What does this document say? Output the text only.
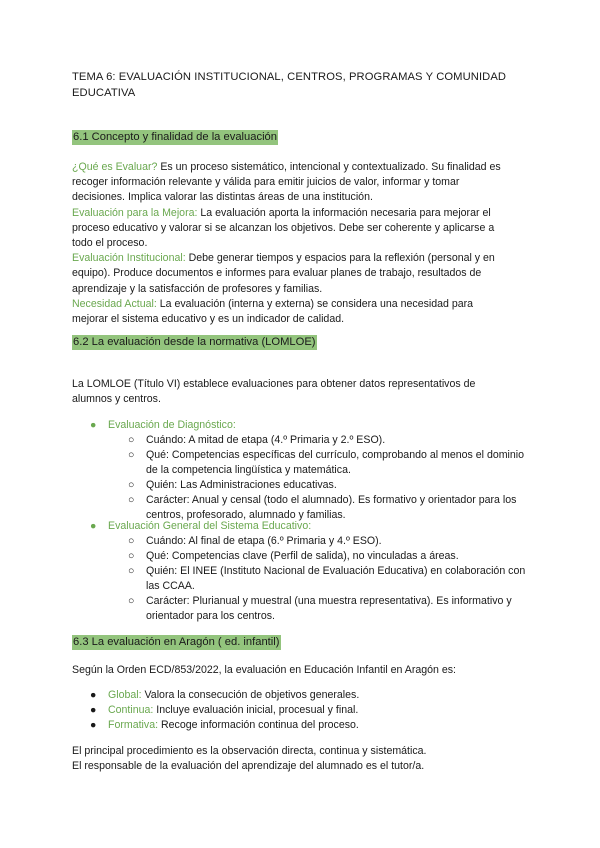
TEMA 6: EVALUACIÓN INSTITUCIONAL, CENTROS, PROGRAMAS Y COMUNIDAD EDUCATIVA
6.1 Concepto y finalidad de la evaluación
¿Qué es Evaluar? Es un proceso sistemático, intencional y contextualizado. Su finalidad es
recoger información relevante y válida para emitir juicios de valor, informar y tomar
decisiones. Implica valorar las distintas áreas de una institución.
Evaluación para la Mejora: La evaluación aporta la información necesaria para mejorar el
proceso educativo y valorar si se alcanzan los objetivos. Debe ser coherente y aplicarse a
todo el proceso.
Evaluación Institucional: Debe generar tiempos y espacios para la reflexión (personal y en
equipo). Produce documentos e informes para evaluar planes de trabajo, resultados de
aprendizaje y la satisfacción de profesores y familias.
Necesidad Actual: La evaluación (interna y externa) se considera una necesidad para
mejorar el sistema educativo y es un indicador de calidad.
6.2 La evaluación desde la normativa (LOMLOE)
La LOMLOE (Título VI) establece evaluaciones para obtener datos representativos de
alumnos y centros.
● Evaluación de Diagnóstico:
○ Cuándo: A mitad de etapa (4.º Primaria y 2.º ESO).
○ Qué: Competencias específicas del currículo, comprobando al menos el dominio de la competencia lingüística y matemática.
○ Quién: Las Administraciones educativas.
○ Carácter: Anual y censal (todo el alumnado). Es formativo y orientador para los centros, profesorado, alumnado y familias.
● Evaluación General del Sistema Educativo:
○ Cuándo: Al final de etapa (6.º Primaria y 4.º ESO).
○ Qué: Competencias clave (Perfil de salida), no vinculadas a áreas.
○ Quién: El INEE (Instituto Nacional de Evaluación Educativa) en colaboración con las CCAA.
○ Carácter: Plurianual y muestral (una muestra representativa). Es informativo y orientador para los centros.
6.3 La evaluación en Aragón ( ed. infantil)
Según la Orden ECD/853/2022, la evaluación en Educación Infantil en Aragón es:
● Global: Valora la consecución de objetivos generales.
● Continua: Incluye evaluación inicial, procesual y final.
● Formativa: Recoge información continua del proceso.
El principal procedimiento es la observación directa, continua y sistemática.
El responsable de la evaluación del aprendizaje del alumnado es el tutor/a.
